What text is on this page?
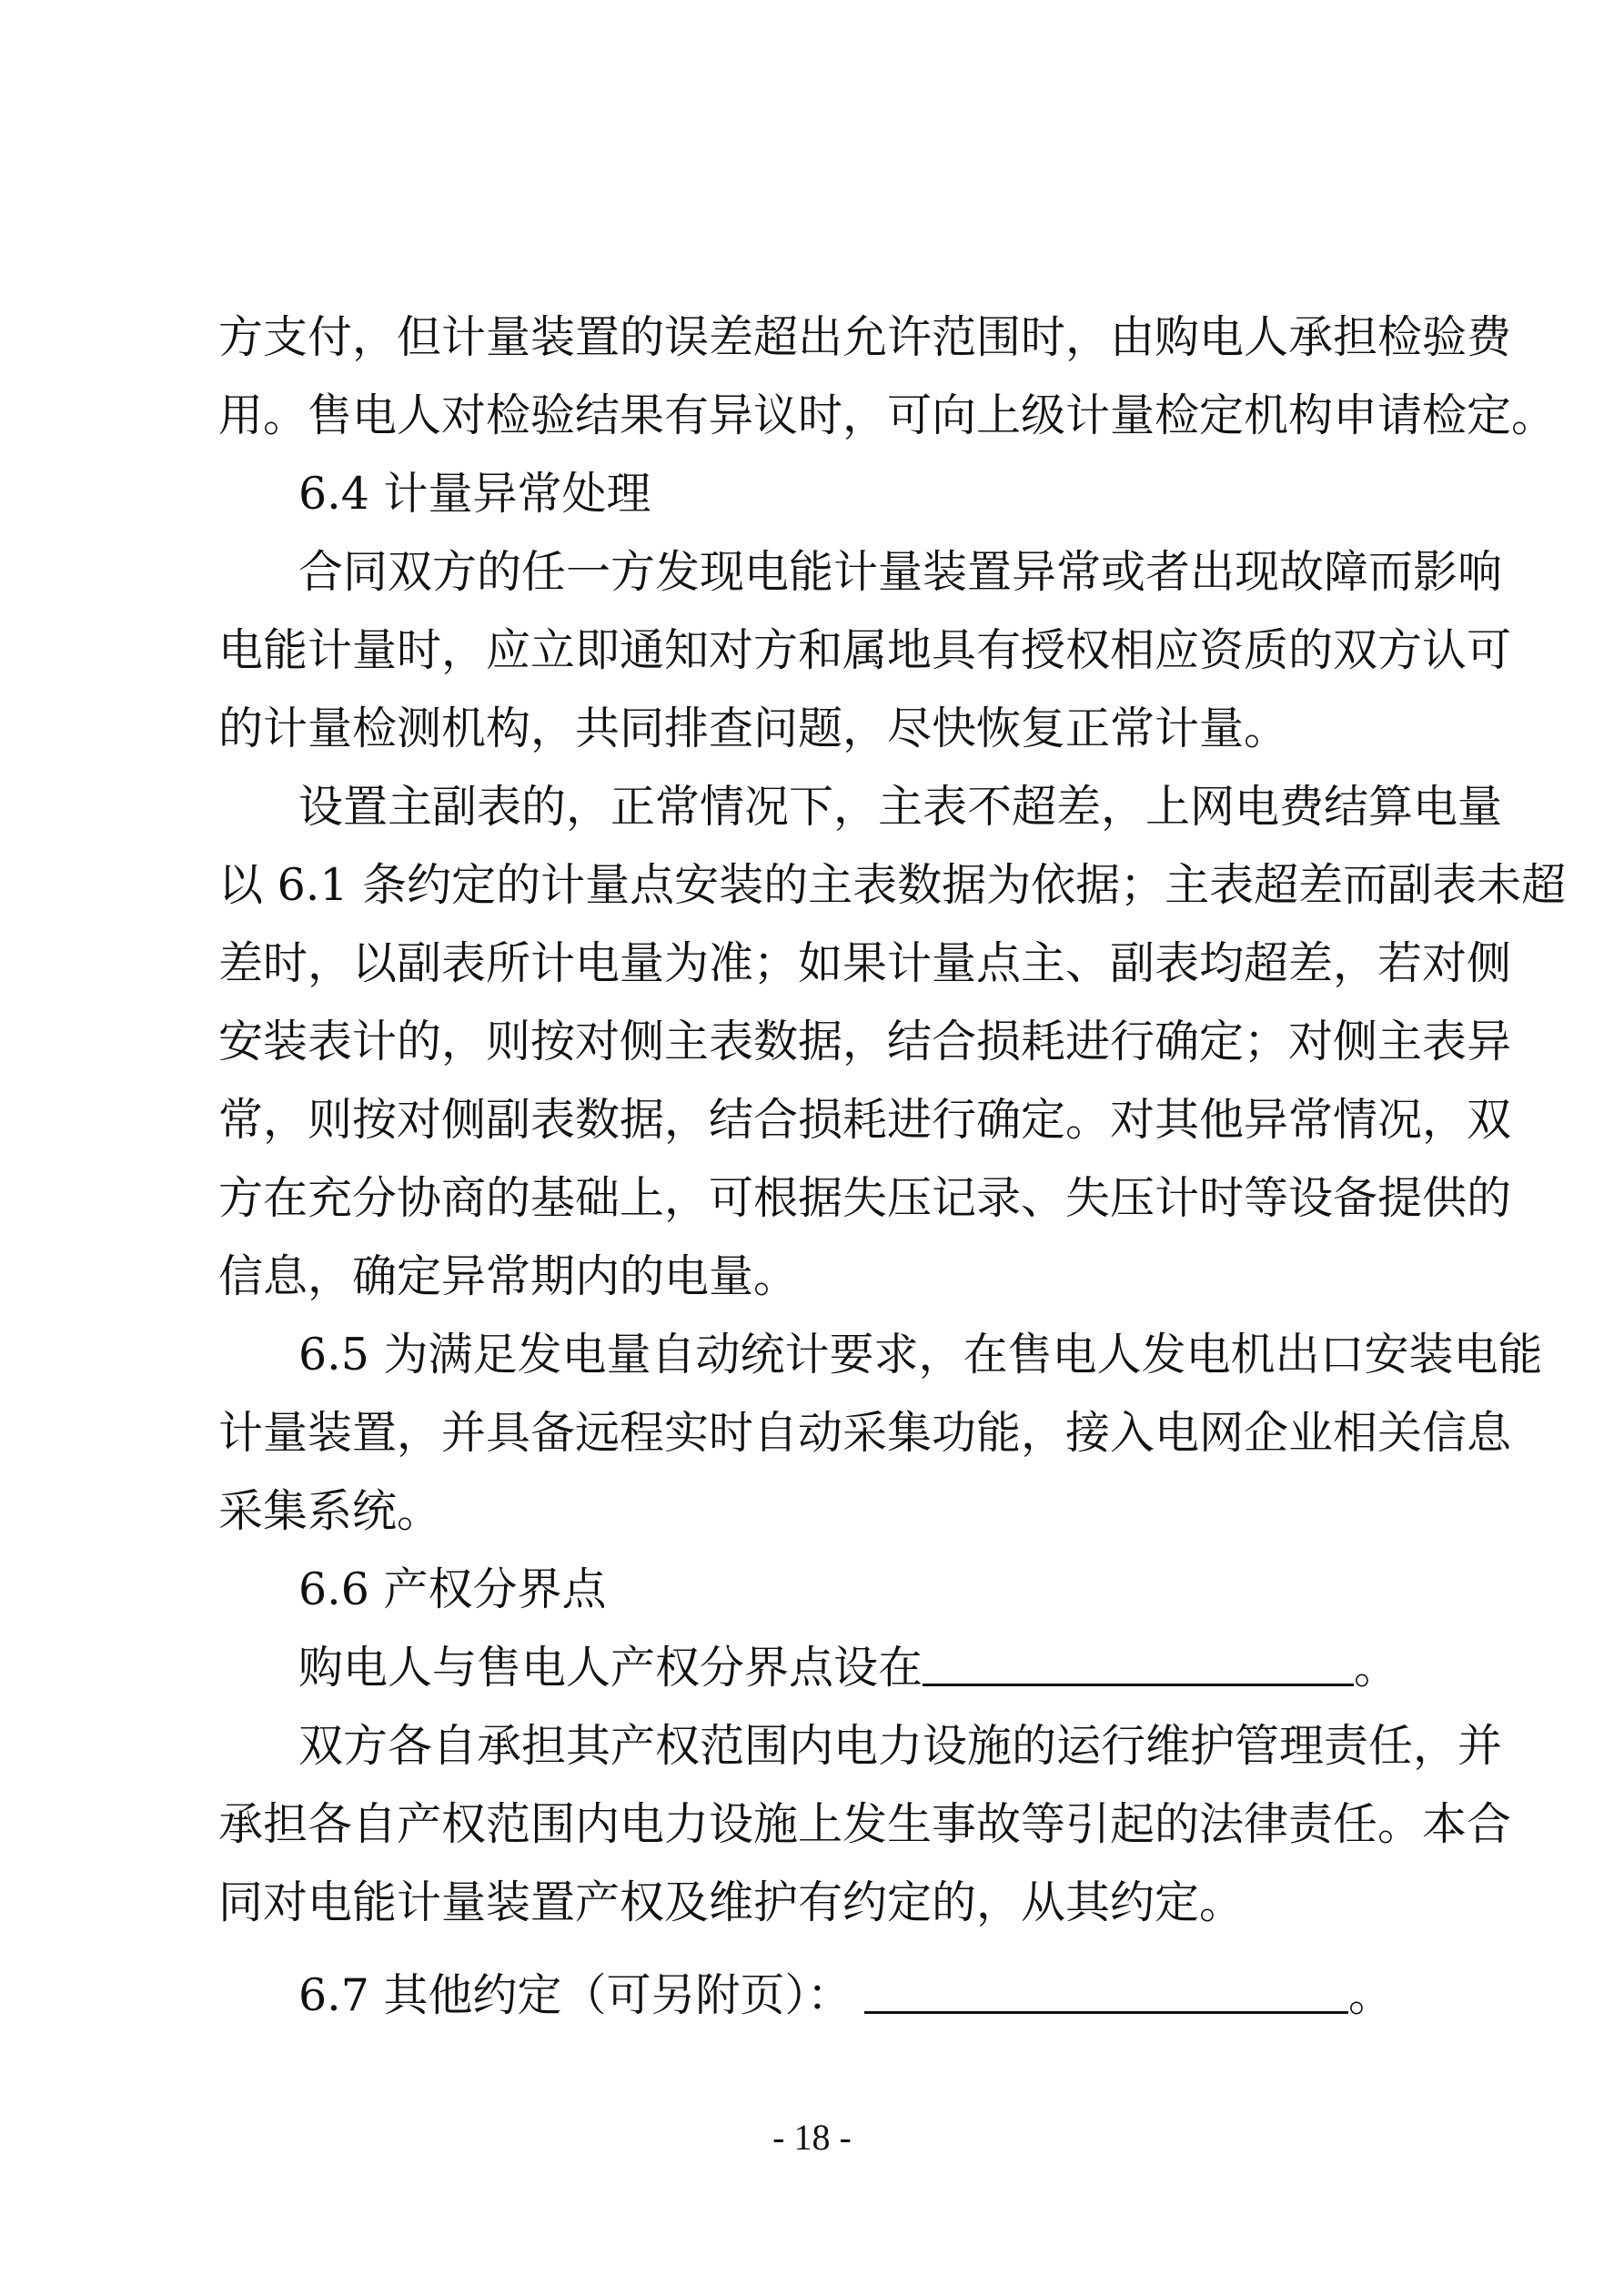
方支付，但计量装置的误差超出允许范围时，由购电人承担检验费
用。售电人对检验结果有异议时，可向上级计量检定机构申请检定。
6.4 计量异常处理
合同双方的任一方发现电能计量装置异常或者出现故障而影响
电能计量时，应立即通知对方和属地具有授权相应资质的双方认可
的计量检测机构，共同排查问题，尽快恢复正常计量。
设置主副表的，正常情况下，主表不超差，上网电费结算电量
以 6.1 条约定的计量点安装的主表数据为依据；主表超差而副表未超
差时，以副表所计电量为准；如果计量点主、副表均超差，若对侧
安装表计的，则按对侧主表数据，结合损耗进行确定；对侧主表异
常，则按对侧副表数据，结合损耗进行确定。对其他异常情况，双
方在充分协商的基础上，可根据失压记录、失压计时等设备提供的
信息，确定异常期内的电量。
6.5 为满足发电量自动统计要求，在售电人发电机出口安装电能
计量装置，并具备远程实时自动采集功能，接入电网企业相关信息
采集系统。
6.6 产权分界点
购电人与售电人产权分界点设在	。
双方各自承担其产权范围内电力设施的运行维护管理责任，并
承担各自产权范围内电力设施上发生事故等引起的法律责任。本合
同对电能计量装置产权及维护有约定的，从其约定。
6.7 其他约定（可另附页）：	。
- 18 -
